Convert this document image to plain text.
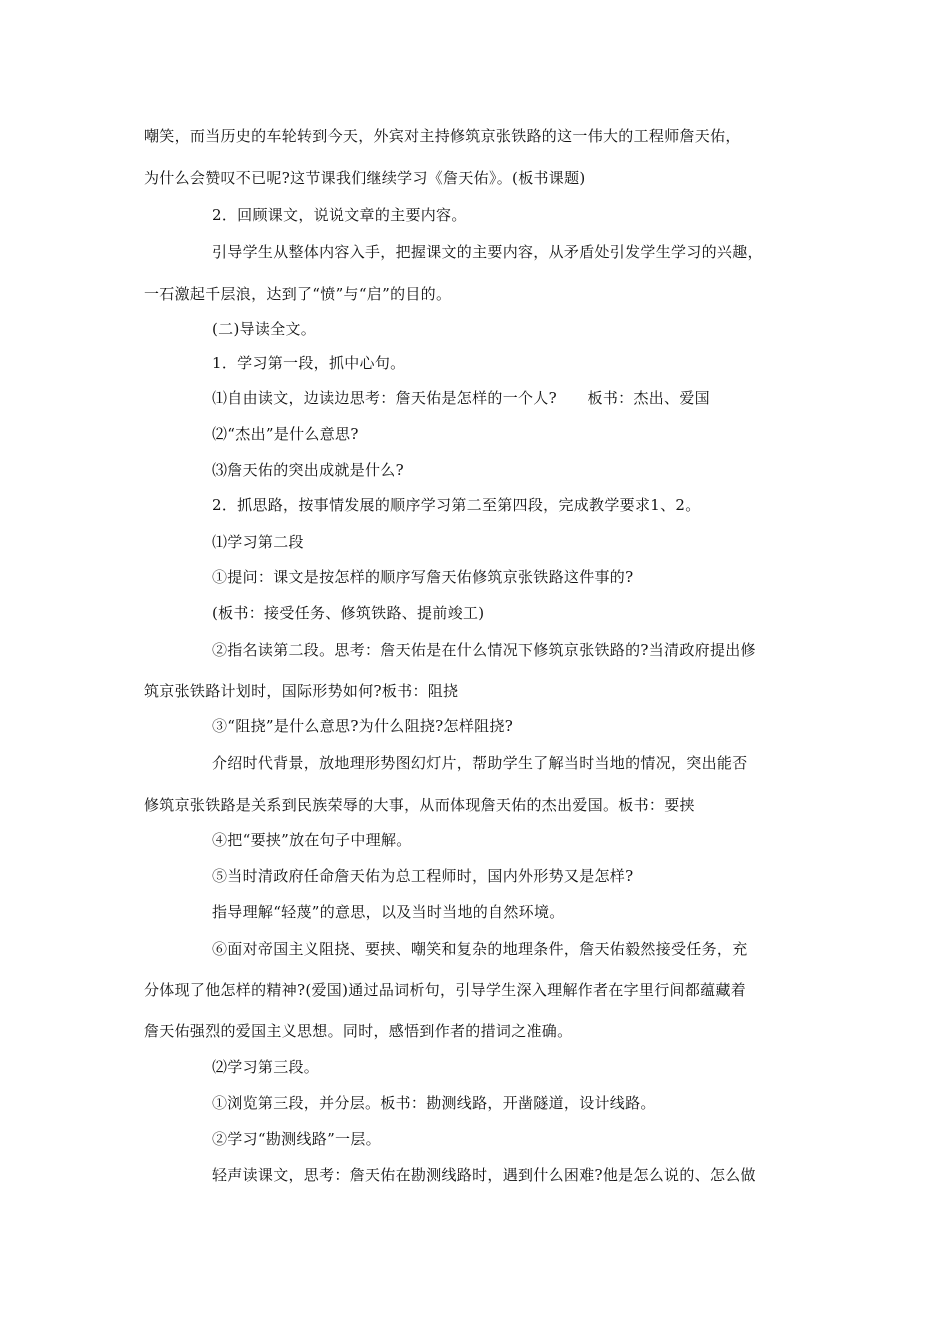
嘲笑，而当历史的车轮转到今天，外宾对主持修筑京张铁路的这一伟大的工程师詹天佑，
为什么会赞叹不已呢?这节课我们继续学习《詹天佑》。(板书课题)
2．回顾课文，说说文章的主要内容。
引导学生从整体内容入手，把握课文的主要内容，从矛盾处引发学生学习的兴趣，
一石激起千层浪，达到了“愤”与“启”的目的。
(二)导读全文。
1．学习第一段，抓中心句。
⑴自由读文，边读边思考：詹天佑是怎样的一个人?　　板书：杰出、爱国
⑵“杰出”是什么意思?
⑶詹天佑的突出成就是什么?
2．抓思路，按事情发展的顺序学习第二至第四段，完成教学要求1、2。
⑴学习第二段
①提问：课文是按怎样的顺序写詹天佑修筑京张铁路这件事的?
(板书：接受任务、修筑铁路、提前竣工)
②指名读第二段。思考：詹天佑是在什么情况下修筑京张铁路的?当清政府提出修
筑京张铁路计划时，国际形势如何?板书：阻挠
③“阻挠”是什么意思?为什么阻挠?怎样阻挠?
介绍时代背景，放地理形势图幻灯片，帮助学生了解当时当地的情况，突出能否
修筑京张铁路是关系到民族荣辱的大事，从而体现詹天佑的杰出爱国。板书：要挟
④把“要挟”放在句子中理解。
⑤当时清政府任命詹天佑为总工程师时，国内外形势又是怎样?
指导理解“轻蔑”的意思，以及当时当地的自然环境。
⑥面对帝国主义阻挠、要挟、嘲笑和复杂的地理条件，詹天佑毅然接受任务，充
分体现了他怎样的精神?(爱国)通过品词析句，引导学生深入理解作者在字里行间都蕴藏着
詹天佑强烈的爱国主义思想。同时，感悟到作者的措词之准确。
⑵学习第三段。
①浏览第三段，并分层。板书：勘测线路，开凿隧道，设计线路。
②学习“勘测线路”一层。
轻声读课文，思考：詹天佑在勘测线路时，遇到什么困难?他是怎么说的、怎么做
